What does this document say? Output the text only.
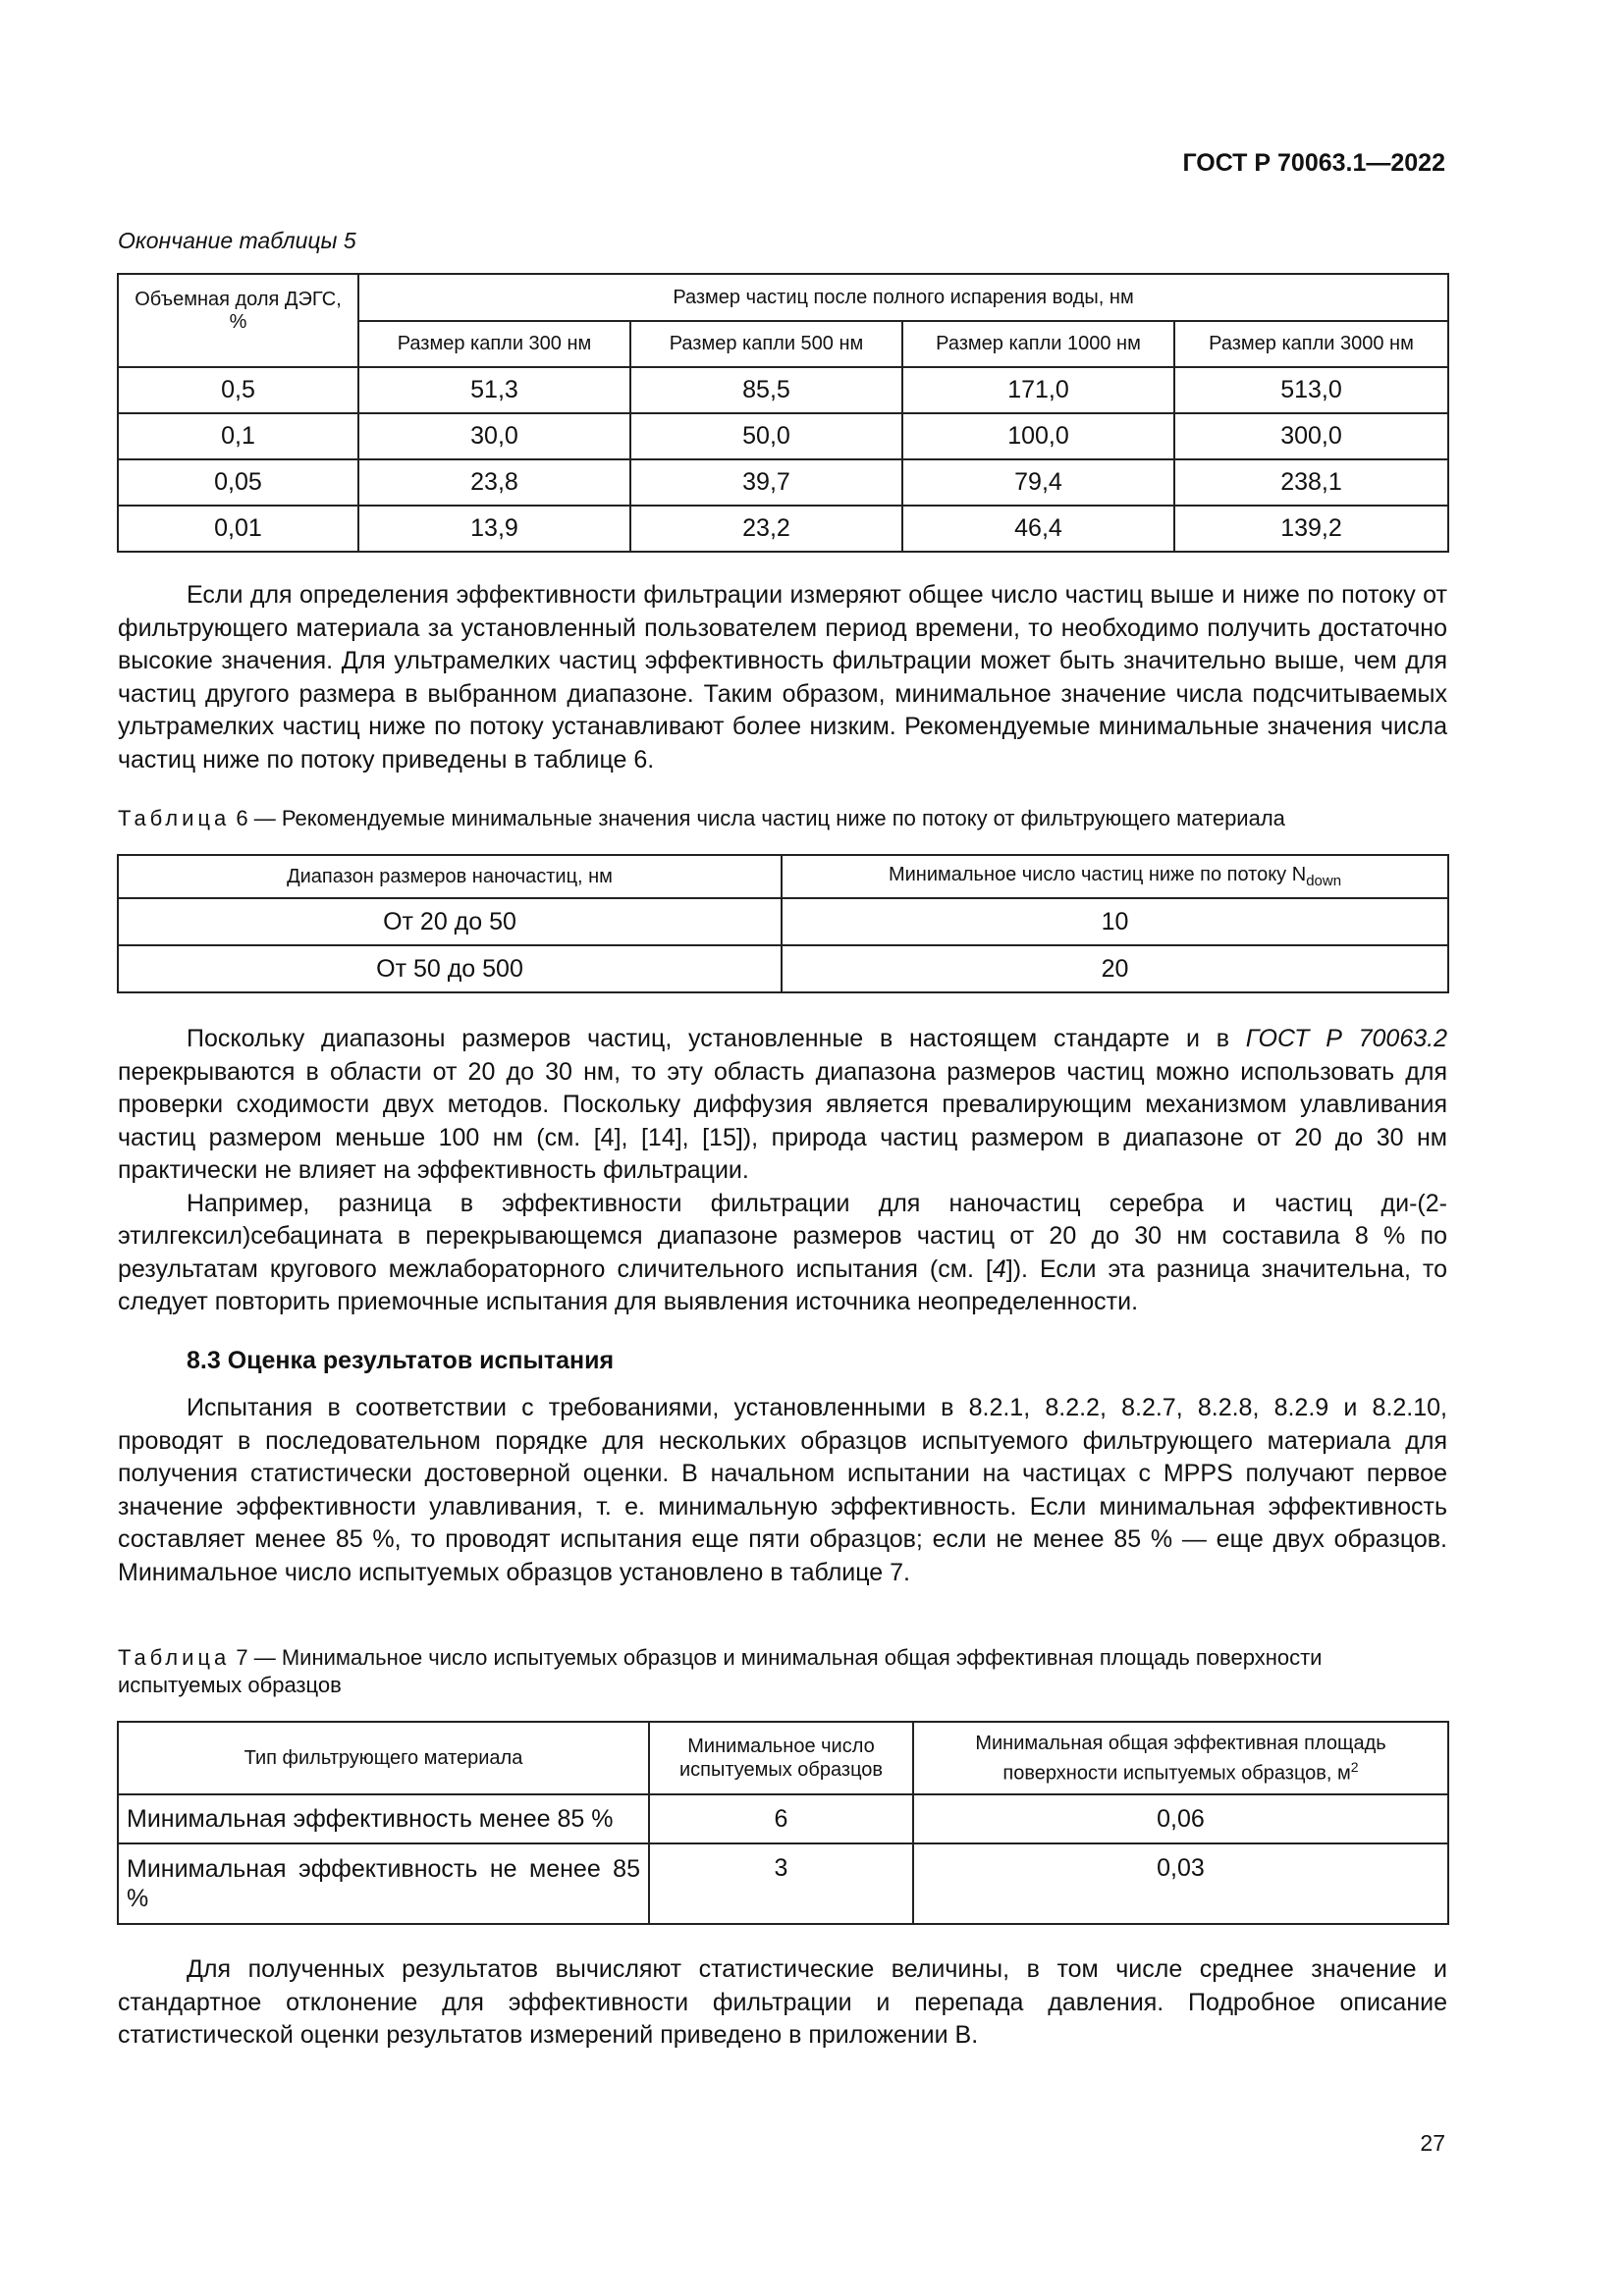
ГОСТ Р 70063.1—2022
Окончание таблицы 5
Объемная доля ДЭГС, %	Размер частиц после полного испарения воды, нм			
	Размер капли 300 нм	Размер капли 500 нм	Размер капли 1000 нм	Размер капли 3000 нм
0,5	51,3	85,5	171,0	513,0
0,1	30,0	50,0	100,0	300,0
0,05	23,8	39,7	79,4	238,1
0,01	13,9	23,2	46,4	139,2

Если для определения эффективности фильтрации измеряют общее число частиц выше и ниже по потоку от фильтрующего материала за установленный пользователем период времени, то необходимо получить достаточно высокие значения. Для ультрамелких частиц эффективность фильтрации может быть значительно выше, чем для частиц другого размера в выбранном диапазоне. Таким образом, минимальное значение числа подсчитываемых ультрамелких частиц ниже по потоку устанавливают более низким. Рекомендуемые минимальные значения числа частиц ниже по потоку приведены в таблице 6.

Таблица 6 — Рекомендуемые минимальные значения числа частиц ниже по потоку от фильтрующего материала
Диапазон размеров наночастиц, нм	Минимальное число частиц ниже по потоку $N_{down}$
От 20 до 50	10
От 50 до 500	20

Поскольку диапазоны размеров частиц, установленные в настоящем стандарте и в ГОСТ Р 70063.2 перекрываются в области от 20 до 30 нм, то эту область диапазона размеров частиц можно использовать для проверки сходимости двух методов. Поскольку диффузия является превалирующим механизмом улавливания частиц размером меньше 100 нм (см. [4], [14], [15]), природа частиц размером в диапазоне от 20 до 30 нм практически не влияет на эффективность фильтрации.

Например, разница в эффективности фильтрации для наночастиц серебра и частиц ди-(2-этилгексил)себацината в перекрывающемся диапазоне размеров частиц от 20 до 30 нм составила 8 % по результатам кругового межлабораторного сличительного испытания (см. [4]). Если эта разница значительна, то следует повторить приемочные испытания для выявления источника неопределенности.

8.3 Оценка результатов испытания

Испытания в соответствии с требованиями, установленными в 8.2.1, 8.2.2, 8.2.7, 8.2.8, 8.2.9 и 8.2.10, проводят в последовательном порядке для нескольких образцов испытуемого фильтрующего материала для получения статистически достоверной оценки. В начальном испытании на частицах с MPPS получают первое значение эффективности улавливания, т. е. минимальную эффективность. Если минимальная эффективность составляет менее 85 %, то проводят испытания еще пяти образцов; если не менее 85 % — еще двух образцов. Минимальное число испытуемых образцов установлено в таблице 7.

Таблица 7 — Минимальное число испытуемых образцов и минимальная общая эффективная площадь поверхности испытуемых образцов
Тип фильтрующего материала	Минимальное число испытуемых образцов	Минимальная общая эффективная площадь поверхности испытуемых образцов, $м^2$
Минимальная эффективность менее 85 %	6	0,06
Минимальная эффективность не менее 85 %	3	0,03

Для полученных результатов вычисляют статистические величины, в том числе среднее значение и стандартное отклонение для эффективности фильтрации и перепада давления. Подробное описание статистической оценки результатов измерений приведено в приложении В.

27
